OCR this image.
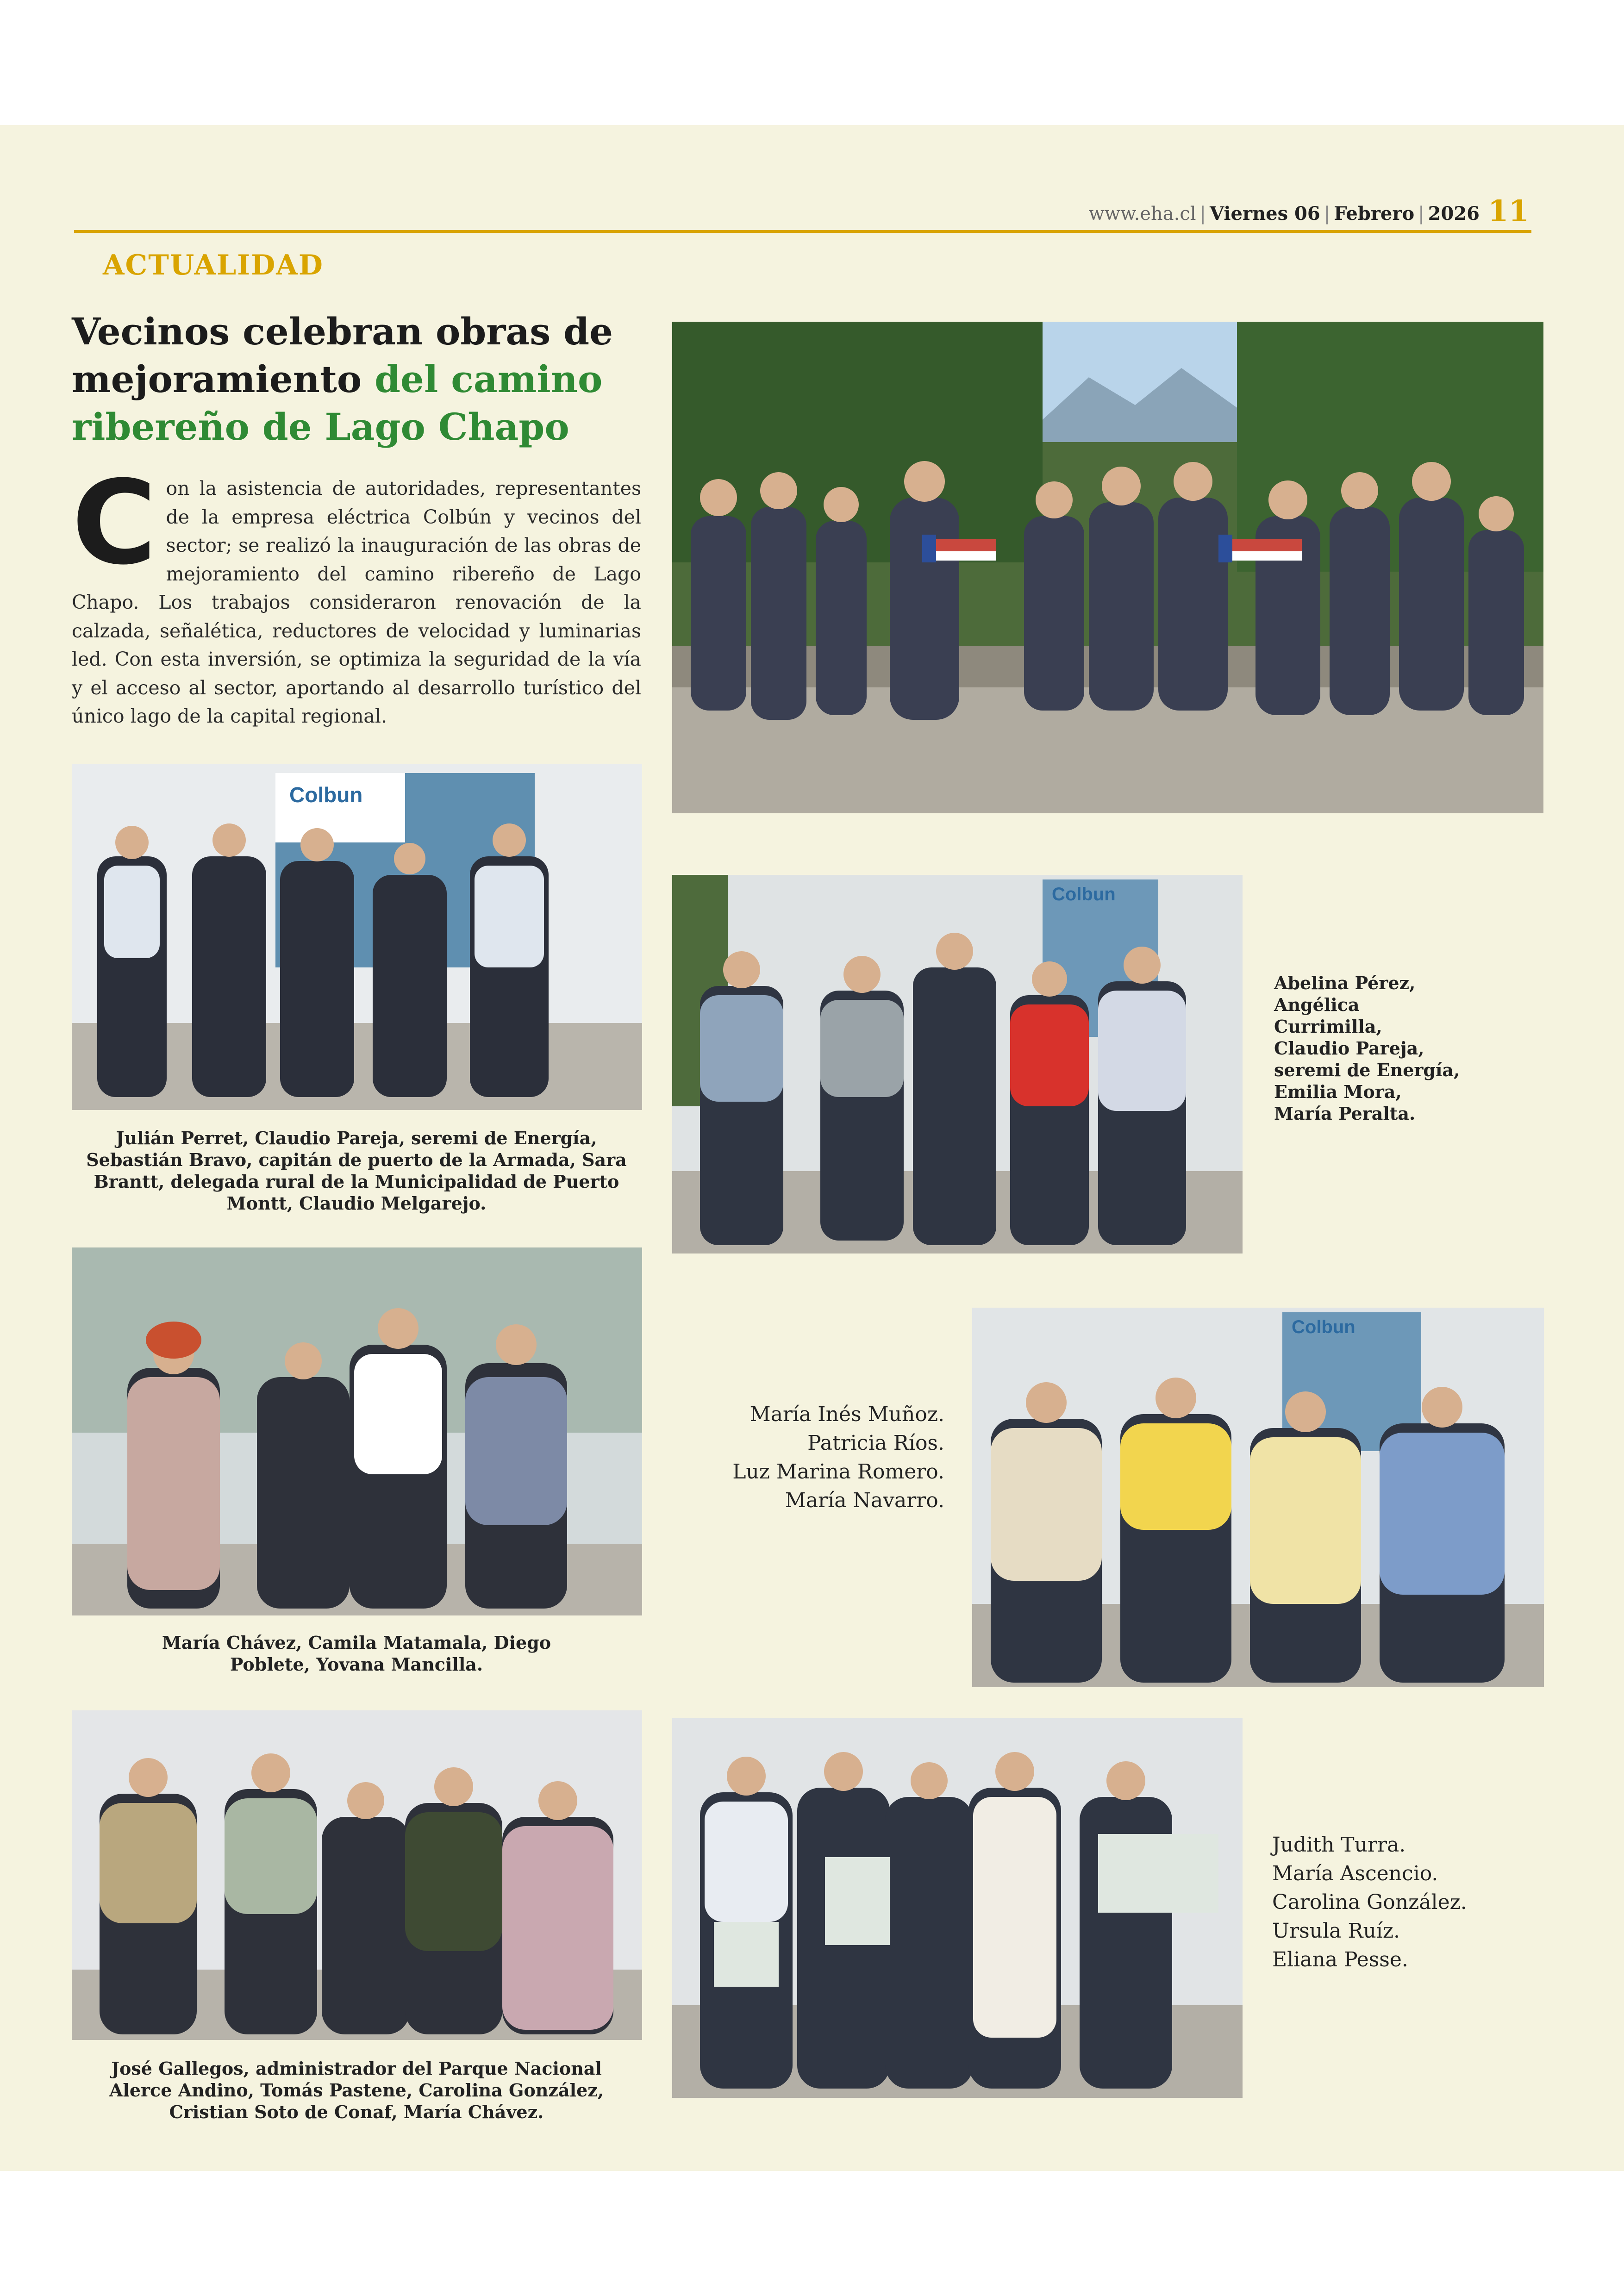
www.eha.cl | Viernes 06 | Febrero | 2026 11
ACTUALIDAD
Vecinos celebran obras de mejoramiento del camino ribereño de Lago Chapo
Con la asistencia de autoridades, representantes de la empresa eléctrica Colbún y vecinos del sector; se realizó la inauguración de las obras de mejoramiento del camino ribereño de Lago Chapo. Los trabajos consideraron renovación de la calzada, señalética, reductores de velocidad y luminarias led. Con esta inversión, se optimiza la seguridad de la vía y el acceso al sector, aportando al desarrollo turístico del único lago de la capital regional.
Colbun
Julián Perret, Claudio Pareja, seremi de Energía, Sebastián Bravo, capitán de puerto de la Armada, Sara Brantt, delegada rural de la Municipalidad de Puerto Montt, Claudio Melgarejo.
Colbun
Abelina Pérez,
Angélica
Currimilla,
Claudio Pareja,
seremi de Energía,
Emilia Mora,
María Peralta.
María Chávez, Camila Matamala, Diego Poblete, Yovana Mancilla.
Colbun
María Inés Muñoz.
Patricia Ríos.
Luz Marina Romero.
María Navarro.
José Gallegos, administrador del Parque Nacional Alerce Andino, Tomás Pastene, Carolina González, Cristian Soto de Conaf, María Chávez.
Judith Turra.
María Ascencio.
Carolina González.
Ursula Ruíz.
Eliana Pesse.
